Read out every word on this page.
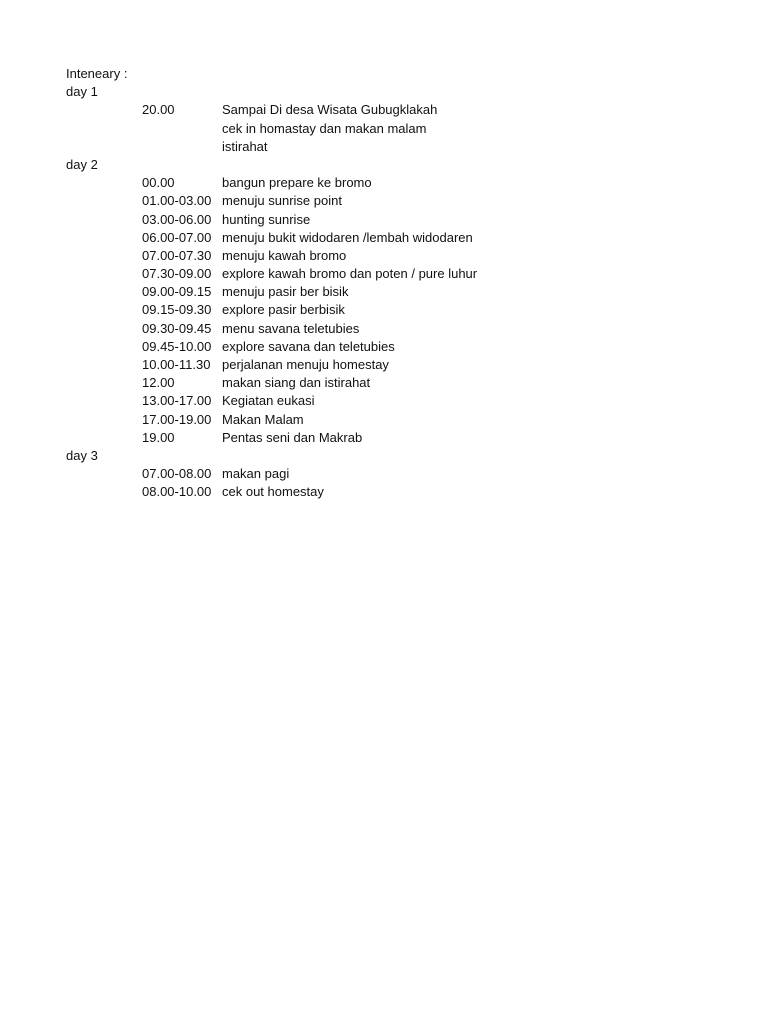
Inteneary :
day 1
20.00	Sampai Di desa Wisata Gubugklakah
cek in homastay dan makan malam
istirahat
day 2
00.00	bangun prepare ke bromo
01.00-03.00 menuju sunrise point
03.00-06.00 hunting sunrise
06.00-07.00 menuju bukit widodaren /lembah widodaren
07.00-07.30 menuju kawah bromo
07.30-09.00 explore kawah bromo dan poten / pure luhur
09.00-09.15 menuju pasir ber bisik
09.15-09.30 explore pasir berbisik
09.30-09.45 menu savana teletubies
09.45-10.00 explore savana dan teletubies
10.00-11.30 perjalanan menuju homestay
12.00	makan siang dan istirahat
13.00-17.00 Kegiatan eukasi
17.00-19.00 Makan Malam
19.00	Pentas seni dan Makrab
day 3
07.00-08.00 makan pagi
08.00-10.00 cek out homestay
